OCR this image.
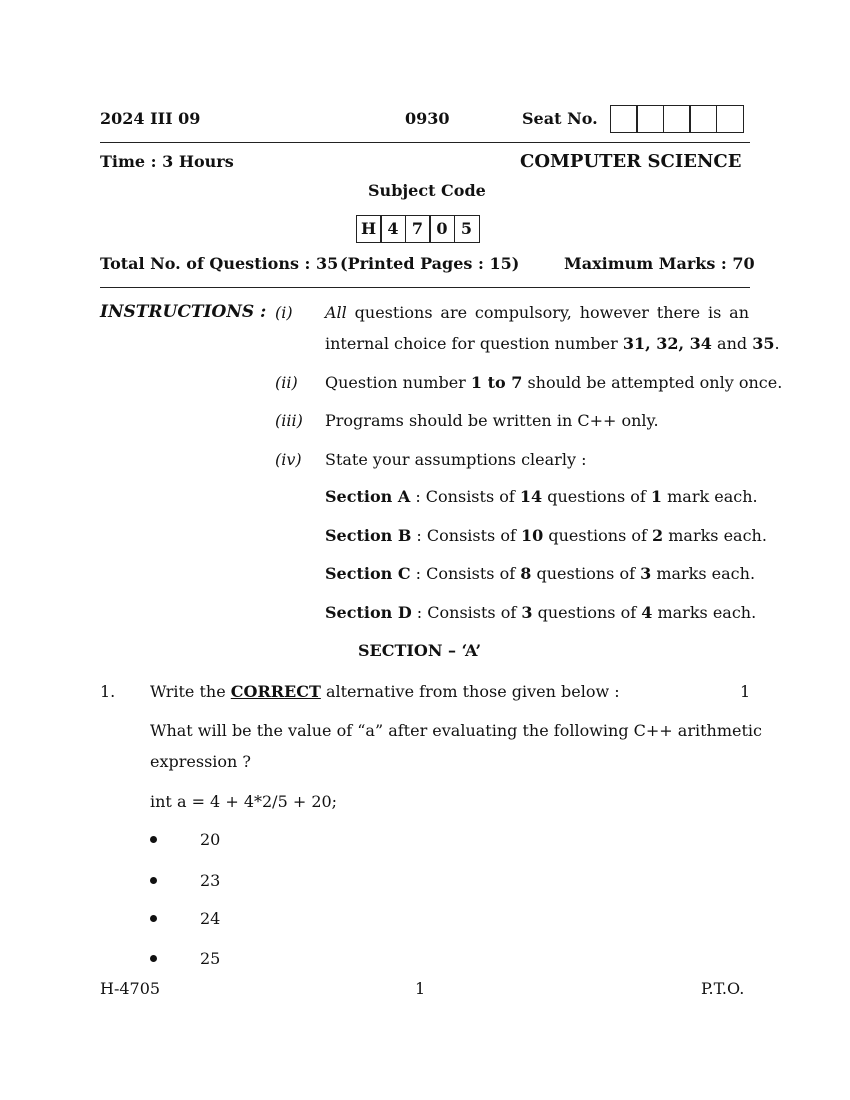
2024 III 09	0930	Seat No.
Time : 3 Hours	COMPUTER SCIENCE
Subject Code
H 4 7 0 5
Total No. of Questions : 35 (Printed Pages : 15)	Maximum Marks : 70
INSTRUCTIONS : (i) All questions are compulsory, however there is an
internal choice for question number 31, 32, 34 and 35.
(ii) Question number 1 to 7 should be attempted only once.
(iii) Programs should be written in C++ only.
(iv) State your assumptions clearly :
Section A : Consists of 14 questions of 1 mark each.
Section B : Consists of 10 questions of 2 marks each.
Section C : Consists of 8 questions of 3 marks each.
Section D : Consists of 3 questions of 4 marks each.
SECTION – ‘A’
1. Write the CORRECT alternative from those given below :	1
What will be the value of “a” after evaluating the following C++ arithmetic
expression ?
int a = 4 + 4*2/5 + 20;
20
23
24
25
H-4705	1	P.T.O.
